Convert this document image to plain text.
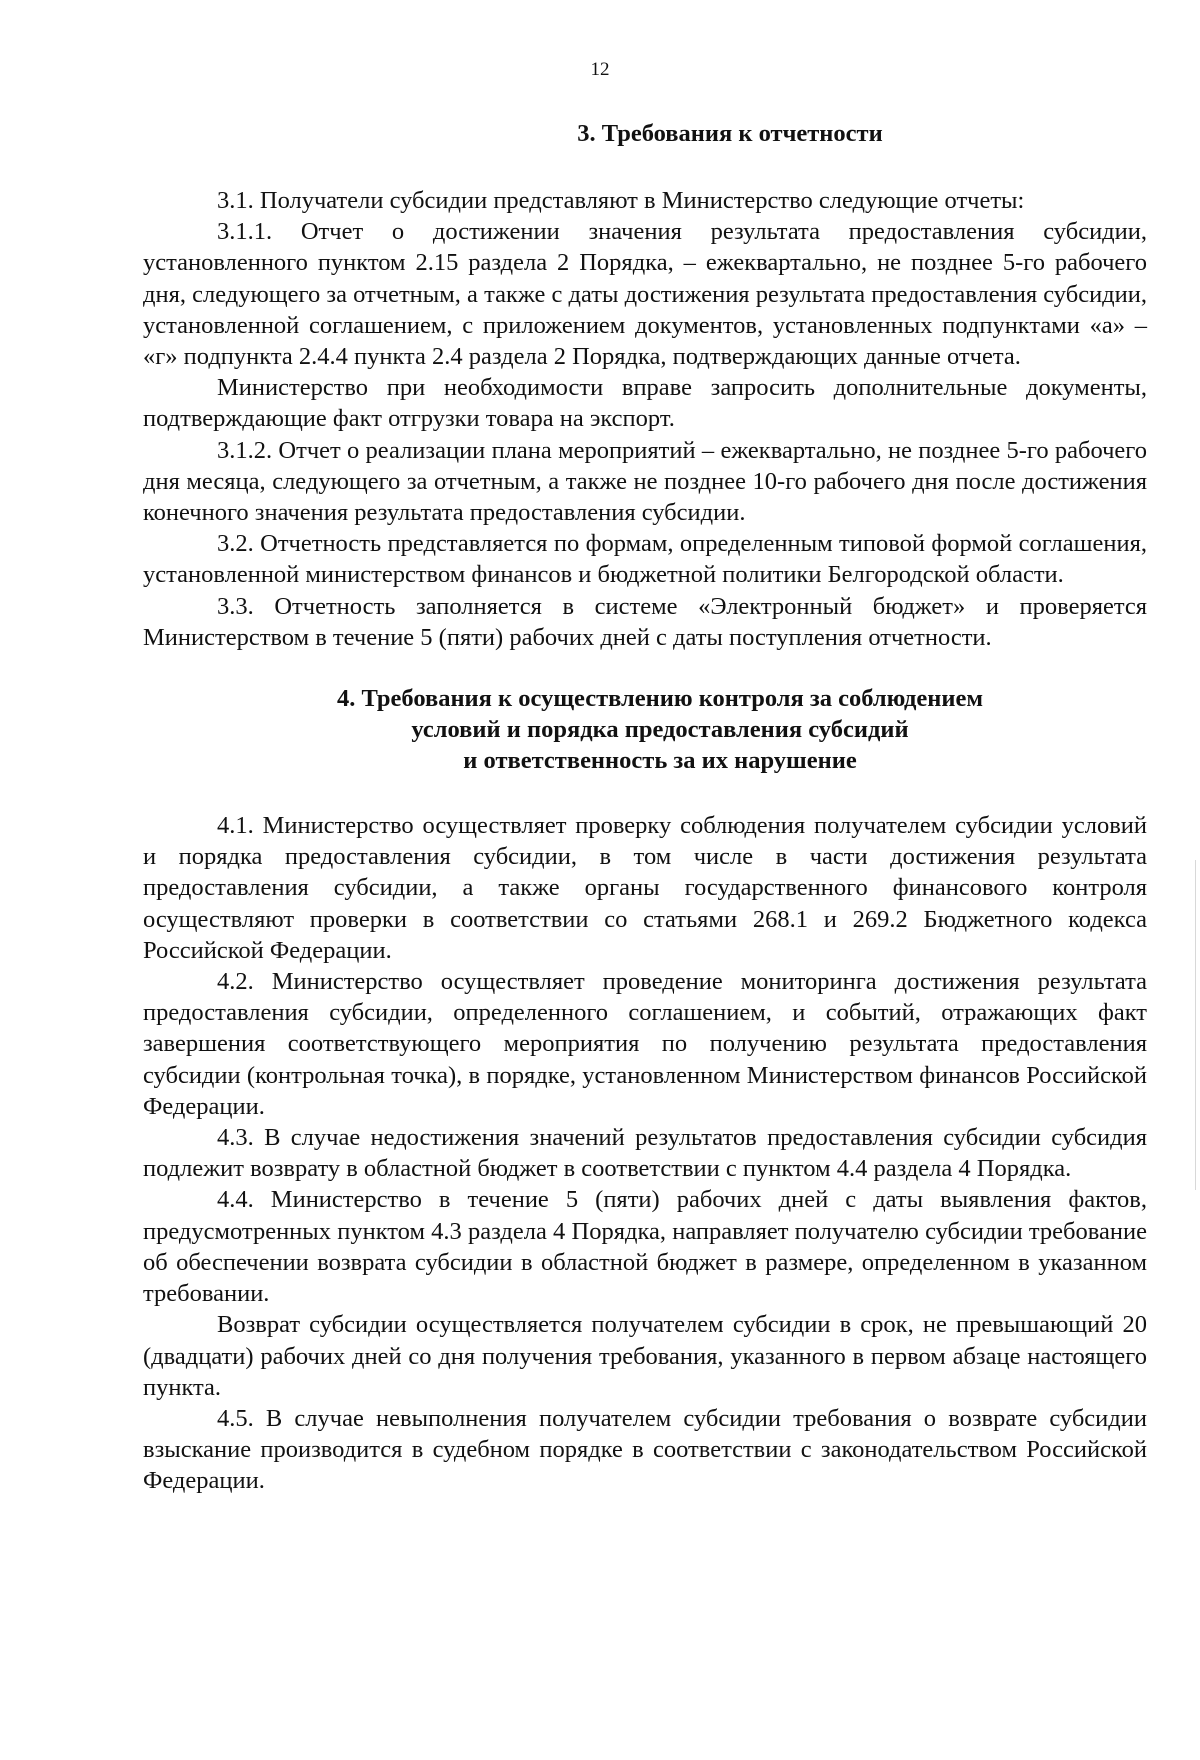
12
3. Требования к отчетности

3.1. Получатели субсидии представляют в Министерство следующие отчеты:

3.1.1. Отчет о достижении значения результата предоставления субсидии, установленного пунктом 2.15 раздела 2 Порядка, – ежеквартально, не позднее 5-го рабочего дня, следующего за отчетным, а также с даты достижения результата предоставления субсидии, установленной соглашением, с приложением документов, установленных подпунктами «а» – «г» подпункта 2.4.4 пункта 2.4 раздела 2 Порядка, подтверждающих данные отчета.

Министерство при необходимости вправе запросить дополнительные документы, подтверждающие факт отгрузки товара на экспорт.

3.1.2. Отчет о реализации плана мероприятий – ежеквартально, не позднее 5-го рабочего дня месяца, следующего за отчетным, а также не позднее 10-го рабочего дня после достижения конечного значения результата предоставления субсидии.

3.2. Отчетность представляется по формам, определенным типовой формой соглашения, установленной министерством финансов и бюджетной политики Белгородской области.

3.3. Отчетность заполняется в системе «Электронный бюджет» и проверяется Министерством в течение 5 (пяти) рабочих дней с даты поступления отчетности.

4. Требования к осуществлению контроля за соблюдением
условий и порядка предоставления субсидий
и ответственность за их нарушение

4.1. Министерство осуществляет проверку соблюдения получателем субсидии условий и порядка предоставления субсидии, в том числе в части достижения результата предоставления субсидии, а также органы государственного финансового контроля осуществляют проверки в соответствии со статьями 268.1 и 269.2 Бюджетного кодекса Российской Федерации.

4.2. Министерство осуществляет проведение мониторинга достижения результата предоставления субсидии, определенного соглашением, и событий, отражающих факт завершения соответствующего мероприятия по получению результата предоставления субсидии (контрольная точка), в порядке, установленном Министерством финансов Российской Федерации.

4.3. В случае недостижения значений результатов предоставления субсидии субсидия подлежит возврату в областной бюджет в соответствии с пунктом 4.4 раздела 4 Порядка.

4.4. Министерство в течение 5 (пяти) рабочих дней с даты выявления фактов, предусмотренных пунктом 4.3 раздела 4 Порядка, направляет получателю субсидии требование об обеспечении возврата субсидии в областной бюджет в размере, определенном в указанном требовании.

Возврат субсидии осуществляется получателем субсидии в срок, не превышающий 20 (двадцати) рабочих дней со дня получения требования, указанного в первом абзаце настоящего пункта.

4.5. В случае невыполнения получателем субсидии требования о возврате субсидии взыскание производится в судебном порядке в соответствии с законодательством Российской Федерации.
